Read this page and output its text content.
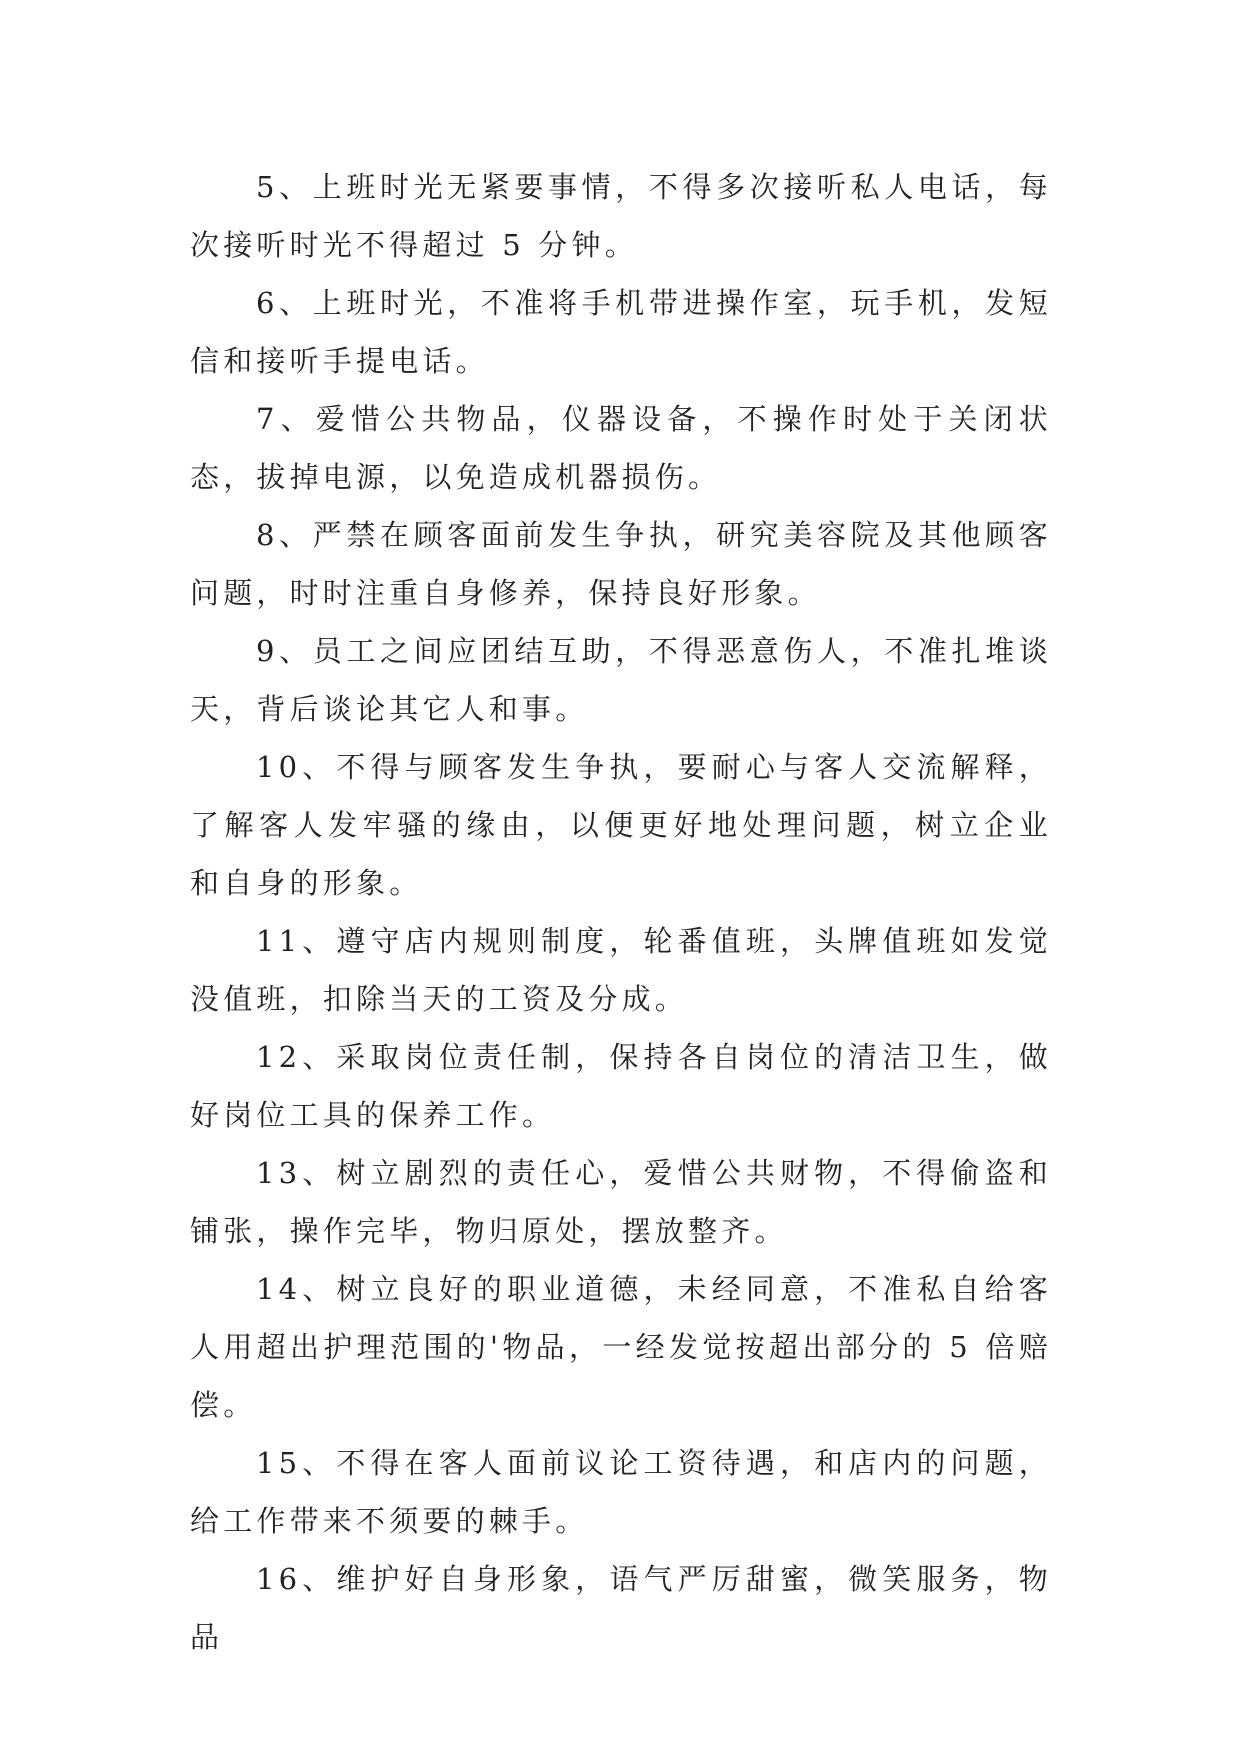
5、上班时光无紧要事情，不得多次接听私人电话，每次接听时光不得超过 5 分钟。

6、上班时光，不准将手机带进操作室，玩手机，发短信和接听手提电话。

7、爱惜公共物品，仪器设备，不操作时处于关闭状态，拔掉电源，以免造成机器损伤。

8、严禁在顾客面前发生争执，研究美容院及其他顾客问题，时时注重自身修养，保持良好形象。

9、员工之间应团结互助，不得恶意伤人，不准扎堆谈天，背后谈论其它人和事。

10、不得与顾客发生争执，要耐心与客人交流解释，了解客人发牢骚的缘由，以便更好地处理问题，树立企业和自身的形象。

11、遵守店内规则制度，轮番值班，头牌值班如发觉没值班，扣除当天的工资及分成。

12、采取岗位责任制，保持各自岗位的清洁卫生，做好岗位工具的保养工作。

13、树立剧烈的责任心，爱惜公共财物，不得偷盗和铺张，操作完毕，物归原处，摆放整齐。

14、树立良好的职业道德，未经同意，不准私自给客人用超出护理范围的'物品，一经发觉按超出部分的 5 倍赔偿。

15、不得在客人面前议论工资待遇，和店内的问题，给工作带来不须要的棘手。

16、维护好自身形象，语气严厉甜蜜，微笑服务，物品
